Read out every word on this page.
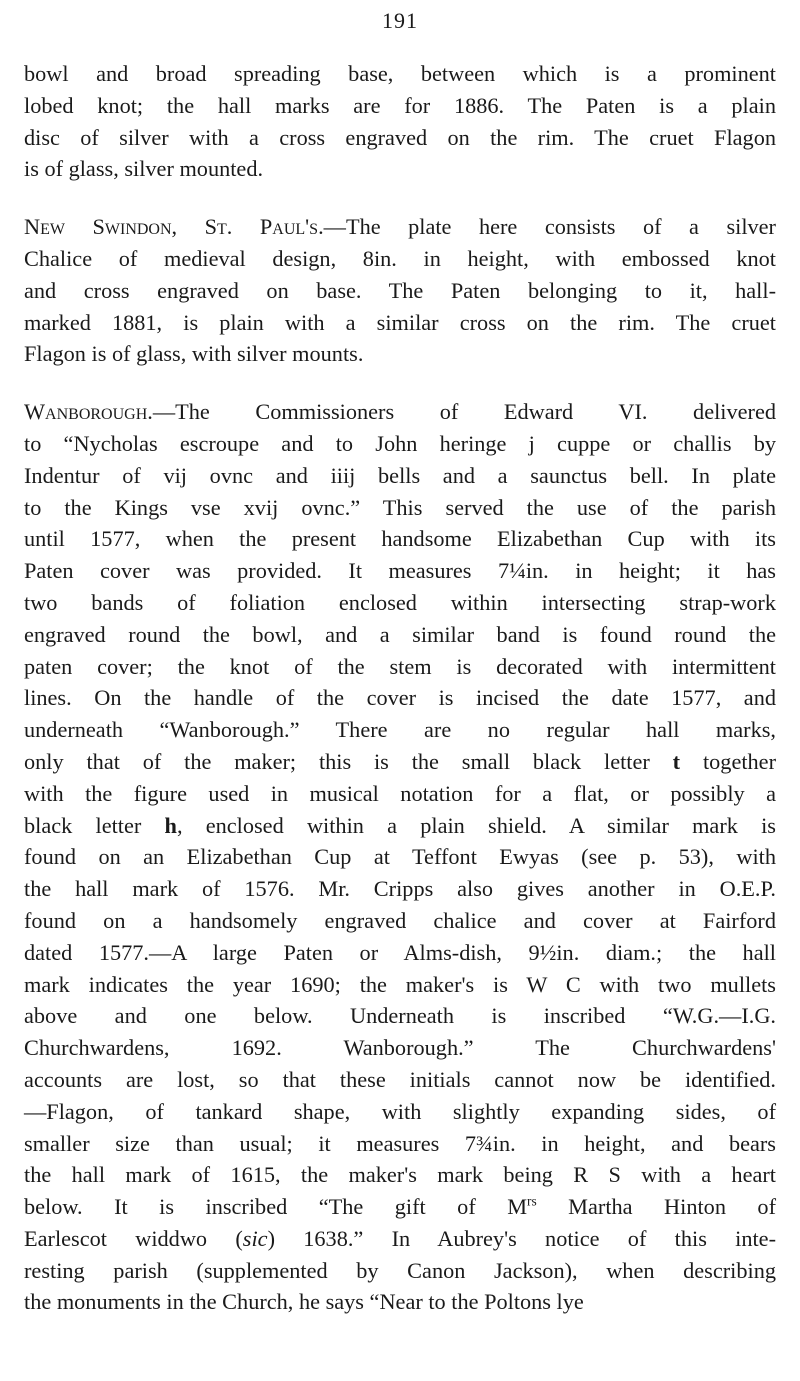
191
bowl and broad spreading base, between which is a prominent
lobed knot; the hall marks are for 1886. The Paten is a plain
disc of silver with a cross engraved on the rim. The cruet Flagon
is of glass, silver mounted.
New Swindon, St. Paul's.—The plate here consists of a silver
Chalice of medieval design, 8in. in height, with embossed knot
and cross engraved on base. The Paten belonging to it, hall-
marked 1881, is plain with a similar cross on the rim. The cruet
Flagon is of glass, with silver mounts.
Wanborough.—The Commissioners of Edward VI. delivered
to “Nycholas escroupe and to John heringe j cuppe or challis by
Indentur of vij ovnc and iiij bells and a saunctus bell. In plate
to the Kings vse xvij ovnc.” This served the use of the parish
until 1577, when the present handsome Elizabethan Cup with its
Paten cover was provided. It measures 7¼in. in height; it has
two bands of foliation enclosed within intersecting strap-work
engraved round the bowl, and a similar band is found round the
paten cover; the knot of the stem is decorated with intermittent
lines. On the handle of the cover is incised the date 1577, and
underneath “Wanborough.” There are no regular hall marks,
only that of the maker; this is the small black letter t together
with the figure used in musical notation for a flat, or possibly a
black letter h, enclosed within a plain shield. A similar mark is
found on an Elizabethan Cup at Teffont Ewyas (see p. 53), with
the hall mark of 1576. Mr. Cripps also gives another in O.E.P.
found on a handsomely engraved chalice and cover at Fairford
dated 1577.—A large Paten or Alms-dish, 9½in. diam.; the hall
mark indicates the year 1690; the maker's is W C with two mullets
above and one below. Underneath is inscribed “W.G.—I.G.
Churchwardens, 1692. Wanborough.” The Churchwardens'
accounts are lost, so that these initials cannot now be identified.
—Flagon, of tankard shape, with slightly expanding sides, of
smaller size than usual; it measures 7¾in. in height, and bears
the hall mark of 1615, the maker's mark being R S with a heart
below. It is inscribed “The gift of $M^{rs}$ Martha Hinton of
Earlescot widdwo (sic) 1638.” In Aubrey's notice of this inte-
resting parish (supplemented by Canon Jackson), when describing
the monuments in the Church, he says “Near to the Poltons lye
